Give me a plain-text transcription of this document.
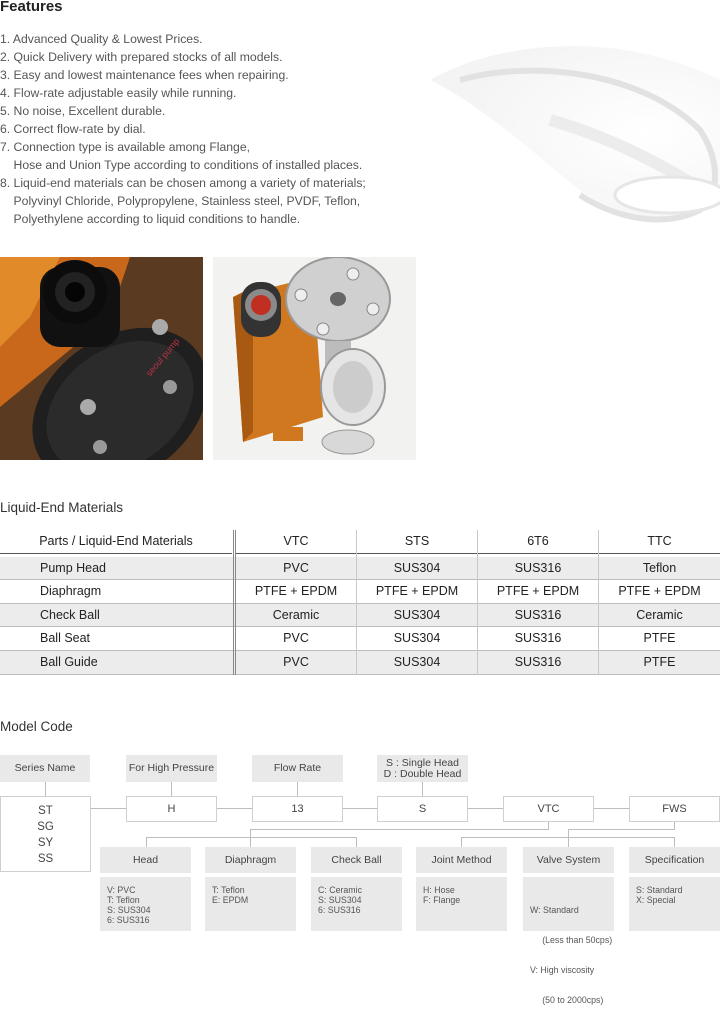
Features
1. Advanced Quality & Lowest Prices.
2. Quick Delivery with prepared stocks of all models.
3. Easy and lowest maintenance fees when repairing.
4. Flow-rate adjustable easily while running.
5. No noise, Excellent durable.
6. Correct flow-rate by dial.
7. Connection type is available among Flange,
Hose and Union Type according to conditions of installed places.
8. Liquid-end materials can be chosen among a variety of materials;
Polyvinyl Chloride, Polypropylene, Stainless steel, PVDF, Teflon,
Polyethylene according to liquid conditions to handle.
seoul pump
Liquid-End Materials
Parts / Liquid-End Materials	VTC	STS	6T6	TTC
Pump Head	PVC	SUS304	SUS316	Teflon
Diaphragm	PTFE + EPDM	PTFE + EPDM	PTFE + EPDM	PTFE + EPDM
Check Ball	Ceramic	SUS304	SUS316	Ceramic
Ball Seat	PVC	SUS304	SUS316	PTFE
Ball Guide	PVC	SUS304	SUS316	PTFE
Model Code
Series Name	For High Pressure	Flow Rate	S : Single Head
D : Double Head
ST
SG
SY
SS
H	13	S	VTC	FWS
Head	Diaphragm	Check Ball	Joint Method	Valve System	Specification
V: PVC
T: Teflon
S: SUS304
6: SUS316
T: Teflon
E: EPDM
C: Ceramic
S: SUS304
6: SUS316
H: Hose
F: Flange

W: Standard

(Less than 50cps)

V: High viscosity

(50 to 2000cps)

S: Standard
X: Special
